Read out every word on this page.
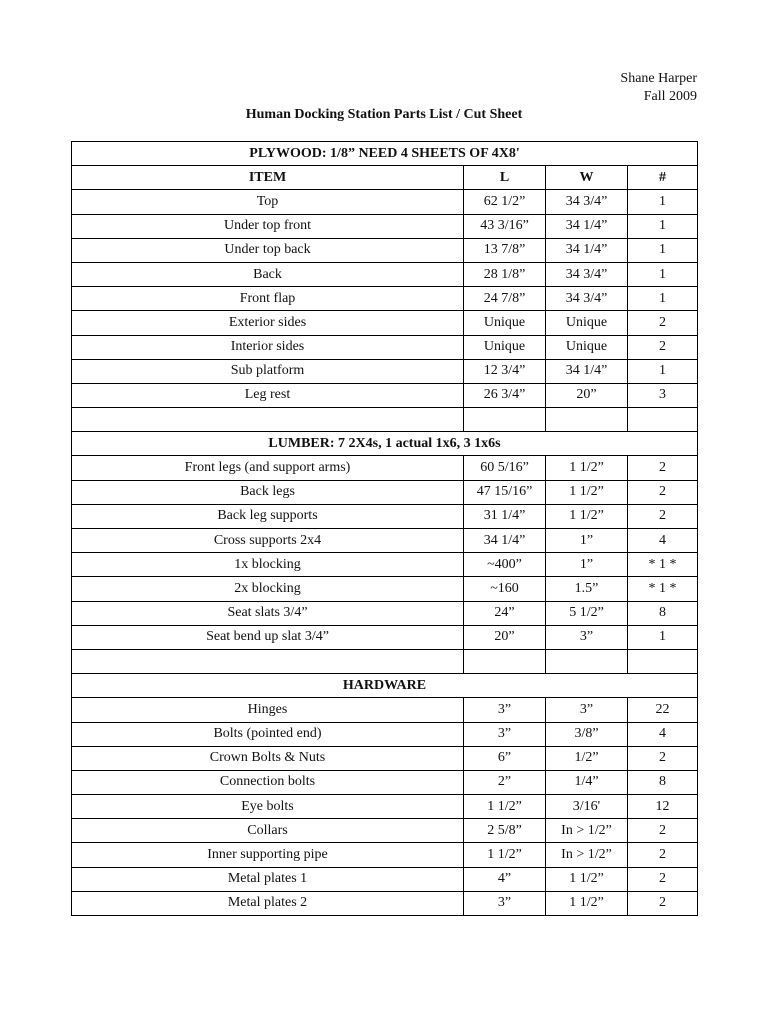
Shane Harper
Fall 2009
Human Docking Station Parts List / Cut Sheet
PLYWOOD: 1/8” NEED 4 SHEETS OF 4X8'			
ITEM	L	W	#
Top	62 1/2”	34 3/4”	1
Under top front	43 3/16”	34 1/4”	1
Under top back	13 7/8”	34 1/4”	1
Back	28 1/8”	34 3/4”	1
Front flap	24 7/8”	34 3/4”	1
Exterior sides	Unique	Unique	2
Interior sides	Unique	Unique	2
Sub platform	12 3/4”	34 1/4”	1
Leg rest	26 3/4”	20”	3

LUMBER: 7 2X4s, 1 actual 1x6, 3 1x6s			
Front legs (and support arms)	60 5/16”	1 1/2”	2
Back legs	47 15/16”	1 1/2”	2
Back leg supports	31 1/4”	1 1/2”	2
Cross supports 2x4	34 1/4”	1”	4
1x blocking	~400”	1”	* 1 *
2x blocking	~160	1.5”	* 1 *
Seat slats 3/4”	24”	5 1/2”	8
Seat bend up slat 3/4”	20”	3”	1

HARDWARE			
Hinges	3”	3”	22
Bolts (pointed end)	3”	3/8”	4
Crown Bolts & Nuts	6”	1/2”	2
Connection bolts	2”	1/4”	8
Eye bolts	1 1/2”	3/16'	12
Collars	2 5/8”	In > 1/2”	2
Inner supporting pipe	1 1/2”	In > 1/2”	2
Metal plates 1	4”	1 1/2”	2
Metal plates 2	3”	1 1/2”	2
